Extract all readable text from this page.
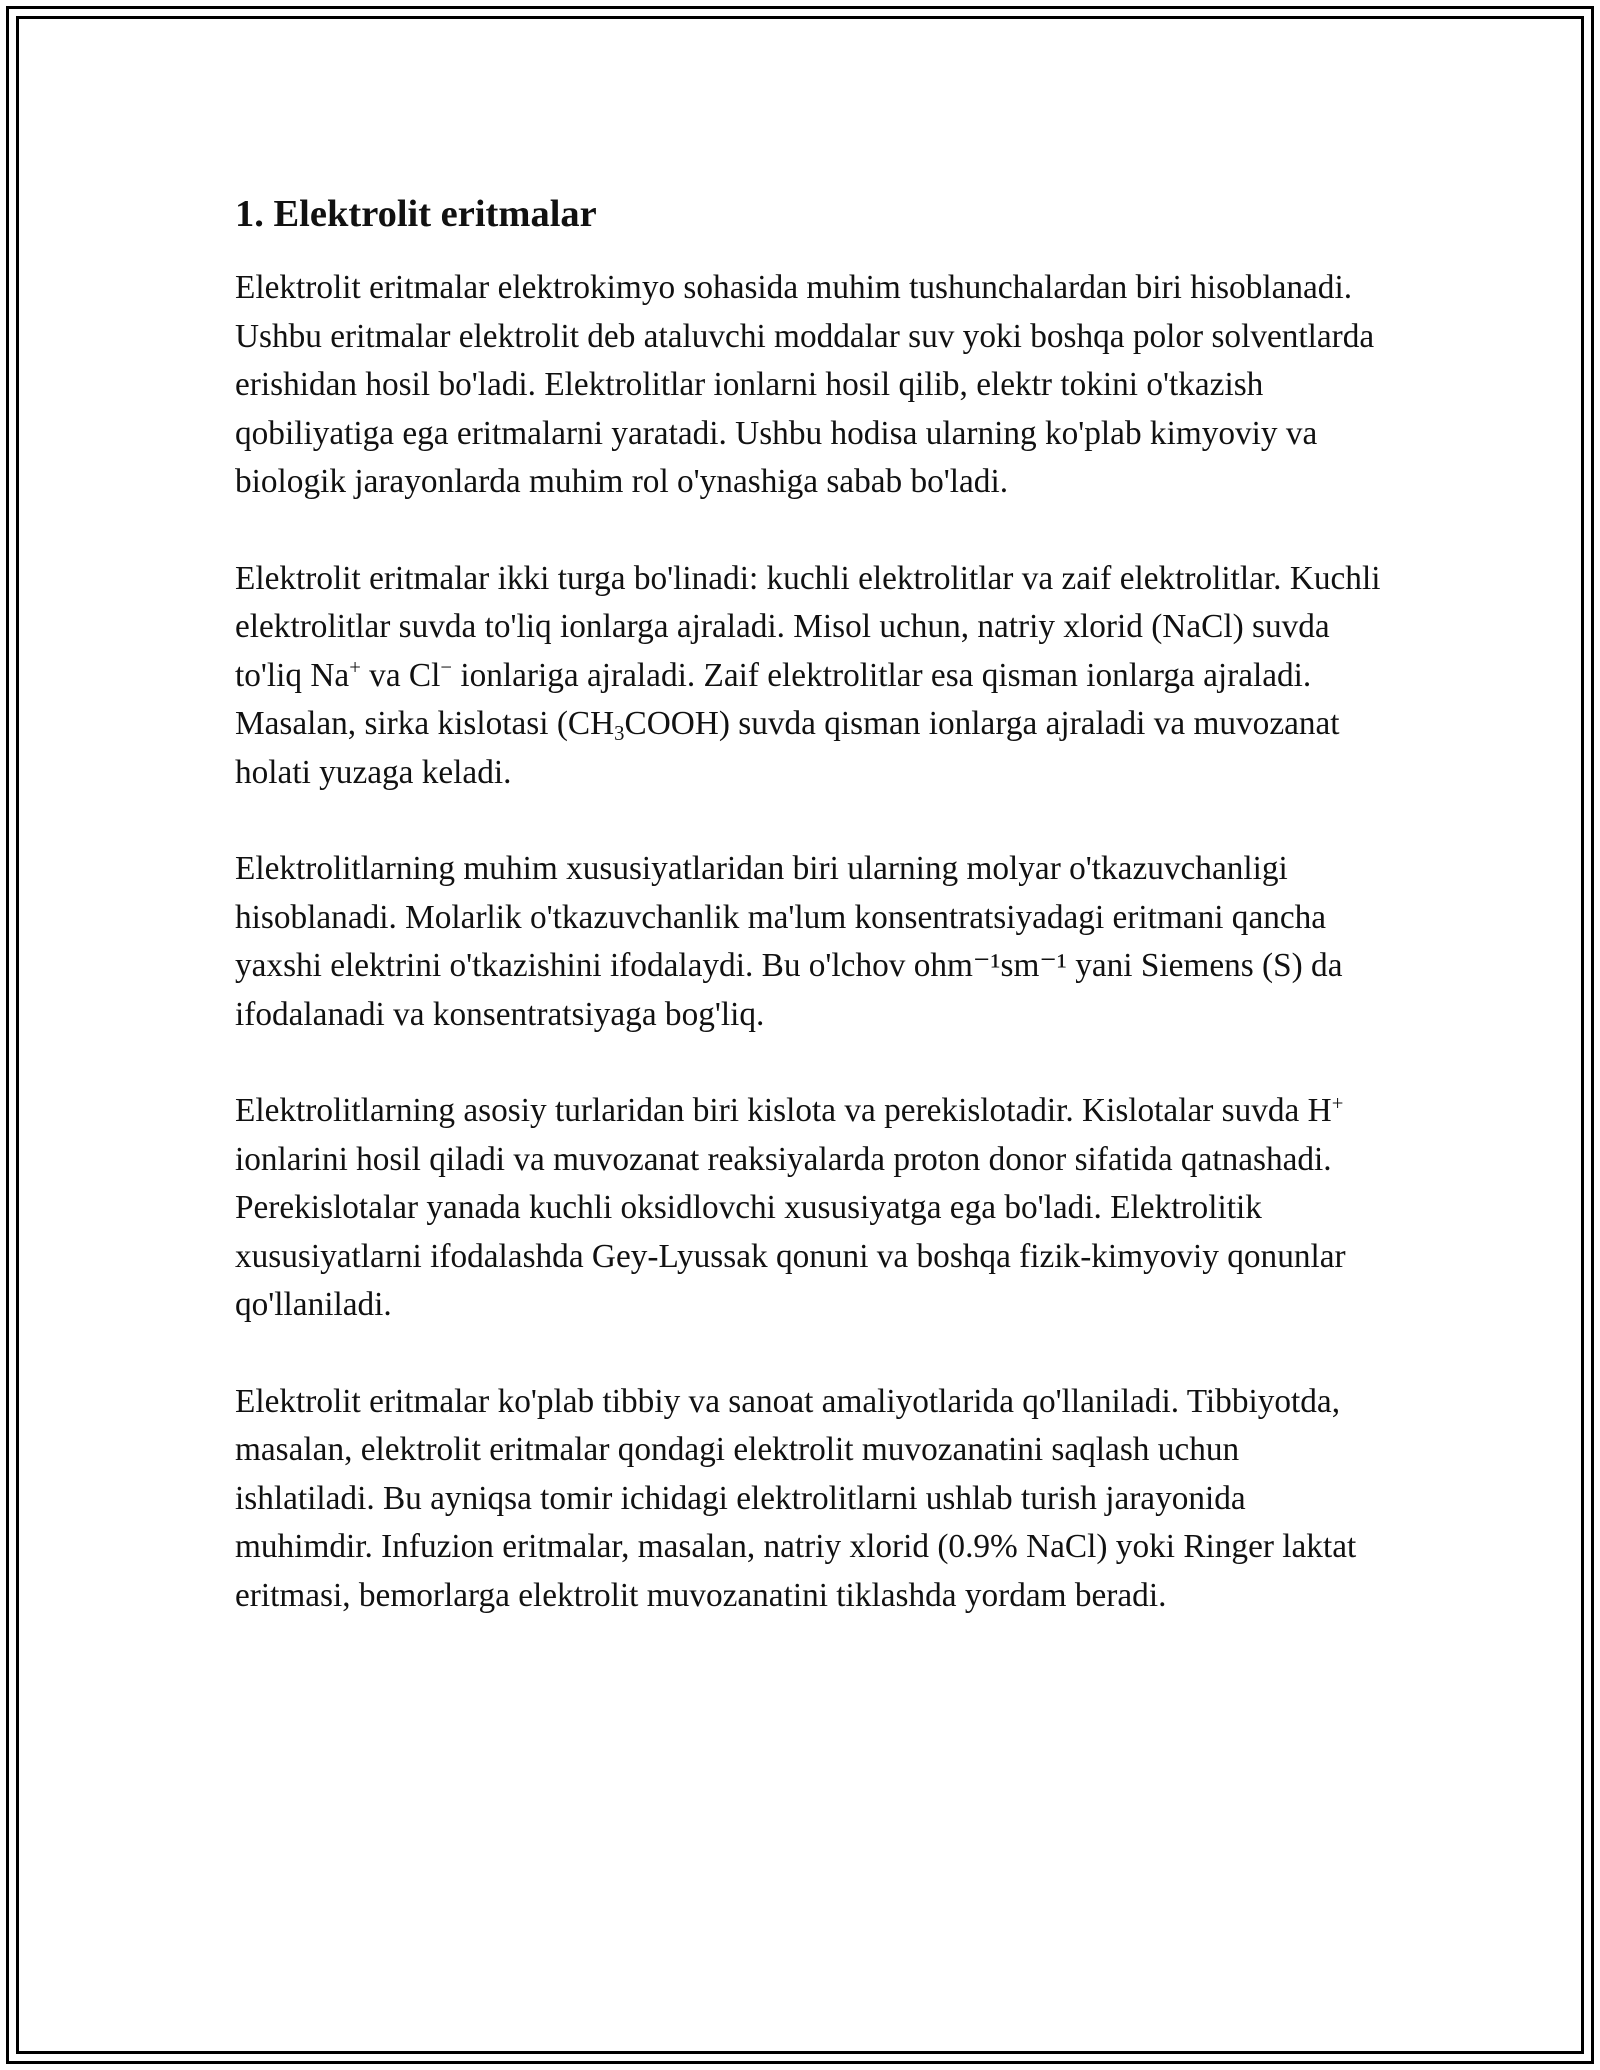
1. Elektrolit eritmalar

Elektrolit eritmalar elektrokimyo sohasida muhim tushunchalardan biri hisoblanadi. Ushbu eritmalar elektrolit deb ataluvchi moddalar suv yoki boshqa polor solventlarda erishidan hosil bo'ladi. Elektrolitlar ionlarni hosil qilib, elektr tokini o'tkazish qobiliyatiga ega eritmalarni yaratadi. Ushbu hodisa ularning ko'plab kimyoviy va biologik jarayonlarda muhim rol o'ynashiga sabab bo'ladi.

Elektrolit eritmalar ikki turga bo'linadi: kuchli elektrolitlar va zaif elektrolitlar. Kuchli elektrolitlar suvda to'liq ionlarga ajraladi. Misol uchun, natriy xlorid (NaCl) suvda to'liq Na+ va Cl− ionlariga ajraladi. Zaif elektrolitlar esa qisman ionlarga ajraladi. Masalan, sirka kislotasi $(CH_3COOH)$ suvda qisman ionlarga ajraladi va muvozanat holati yuzaga keladi.

Elektrolitlarning muhim xususiyatlaridan biri ularning molyar o'tkazuvchanligi hisoblanadi. Molarlik o'tkazuvchanlik ma'lum konsentratsiyadagi eritmani qancha yaxshi elektrini o'tkazishini ifodalaydi. Bu o'lchov ohm⁻¹sm⁻¹ yani Siemens (S) da ifodalanadi va konsentratsiyaga bog'liq.

Elektrolitlarning asosiy turlaridan biri kislota va perekislotadir. Kislotalar suvda H+ ionlarini hosil qiladi va muvozanat reaksiyalarda proton donor sifatida qatnashadi. Perekislotalar yanada kuchli oksidlovchi xususiyatga ega bo'ladi. Elektrolitik xususiyatlarni ifodalashda Gey-Lyussak qonuni va boshqa fizik-kimyoviy qonunlar qo'llaniladi.

Elektrolit eritmalar ko'plab tibbiy va sanoat amaliyotlarida qo'llaniladi. Tibbiyotda, masalan, elektrolit eritmalar qondagi elektrolit muvozanatini saqlash uchun ishlatiladi. Bu ayniqsa tomir ichidagi elektrolitlarni ushlab turish jarayonida muhimdir. Infuzion eritmalar, masalan, natriy xlorid (0.9% NaCl) yoki Ringer laktat eritmasi, bemorlarga elektrolit muvozanatini tiklashda yordam beradi.
